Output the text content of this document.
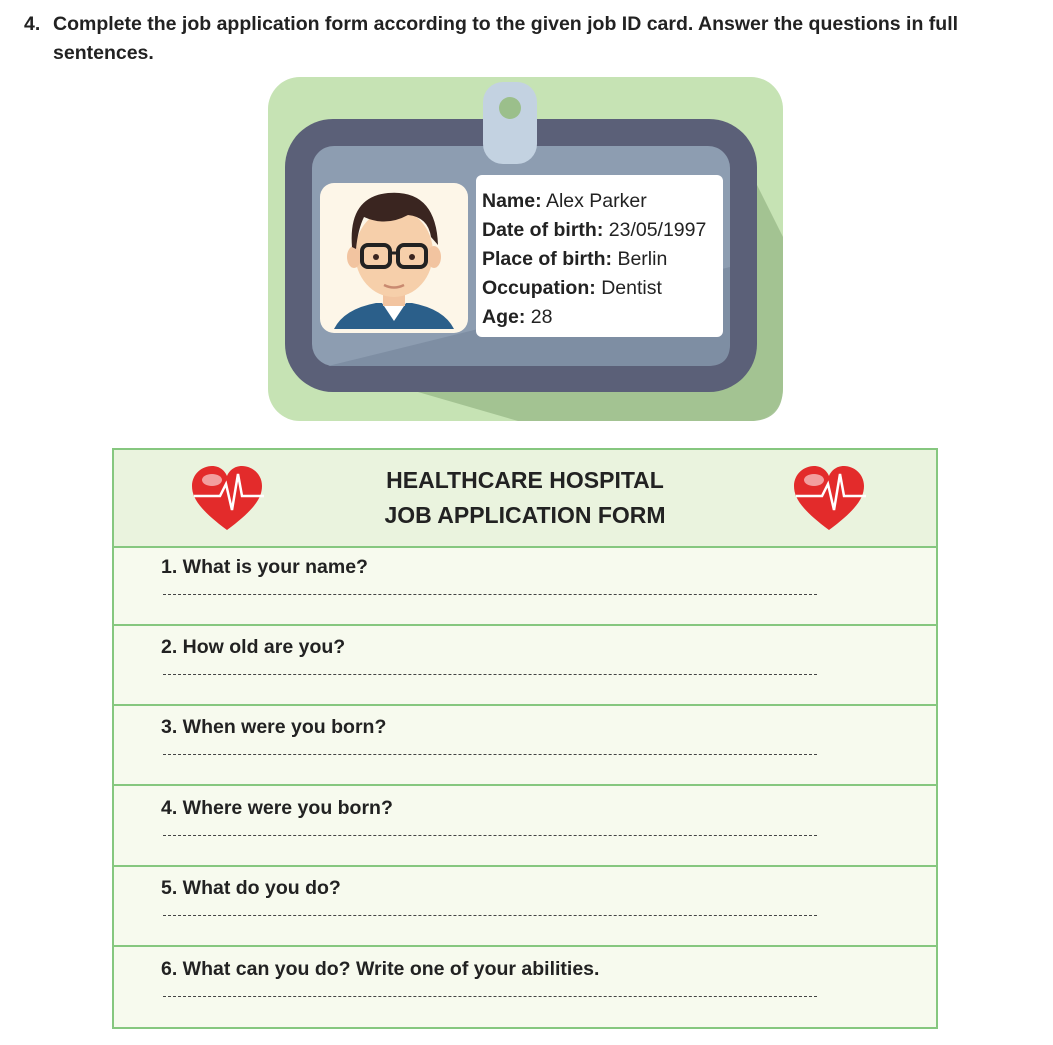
4. Complete the job application form according to the given job ID card. Answer the questions in full sentences.
Name: Alex Parker
Date of birth: 23/05/1997
Place of birth: Berlin
Occupation: Dentist
Age: 28
HEALTHCARE HOSPITAL
JOB APPLICATION FORM
1. What is your name?
2. How old are you?
3. When were you born?
4. Where were you born?
5. What do you do?
6. What can you do? Write one of your abilities.
